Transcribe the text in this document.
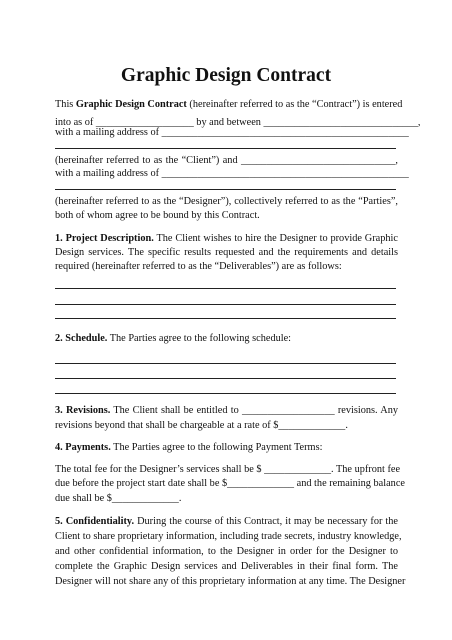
Graphic Design Contract
This Graphic Design Contract (hereinafter referred to as the “Contract”) is entered
into as of ___________________ by and between ______________________________,
with a mailing address of ________________________________________________
(hereinafter referred to as the “Client”) and ______________________________,
with a mailing address of ________________________________________________
(hereinafter referred to as the “Designer”), collectively referred to as the “Parties”,
both of whom agree to be bound by this Contract.
1. Project Description. The Client wishes to hire the Designer to provide Graphic
Design services. The specific results requested and the requirements and details
required (hereinafter referred to as the “Deliverables”) are as follows:
2. Schedule. The Parties agree to the following schedule:
3. Revisions. The Client shall be entitled to __________________ revisions. Any
revisions beyond that shall be chargeable at a rate of $_____________.
4. Payments. The Parties agree to the following Payment Terms:
The total fee for the Designer’s services shall be $ _____________. The upfront fee
due before the project start date shall be $_____________ and the remaining balance
due shall be $_____________.
5. Confidentiality. During the course of this Contract, it may be necessary for the
Client to share proprietary information, including trade secrets, industry knowledge,
and other confidential information, to the Designer in order for the Designer to
complete the Graphic Design services and Deliverables in their final form. The
Designer will not share any of this proprietary information at any time. The Designer
